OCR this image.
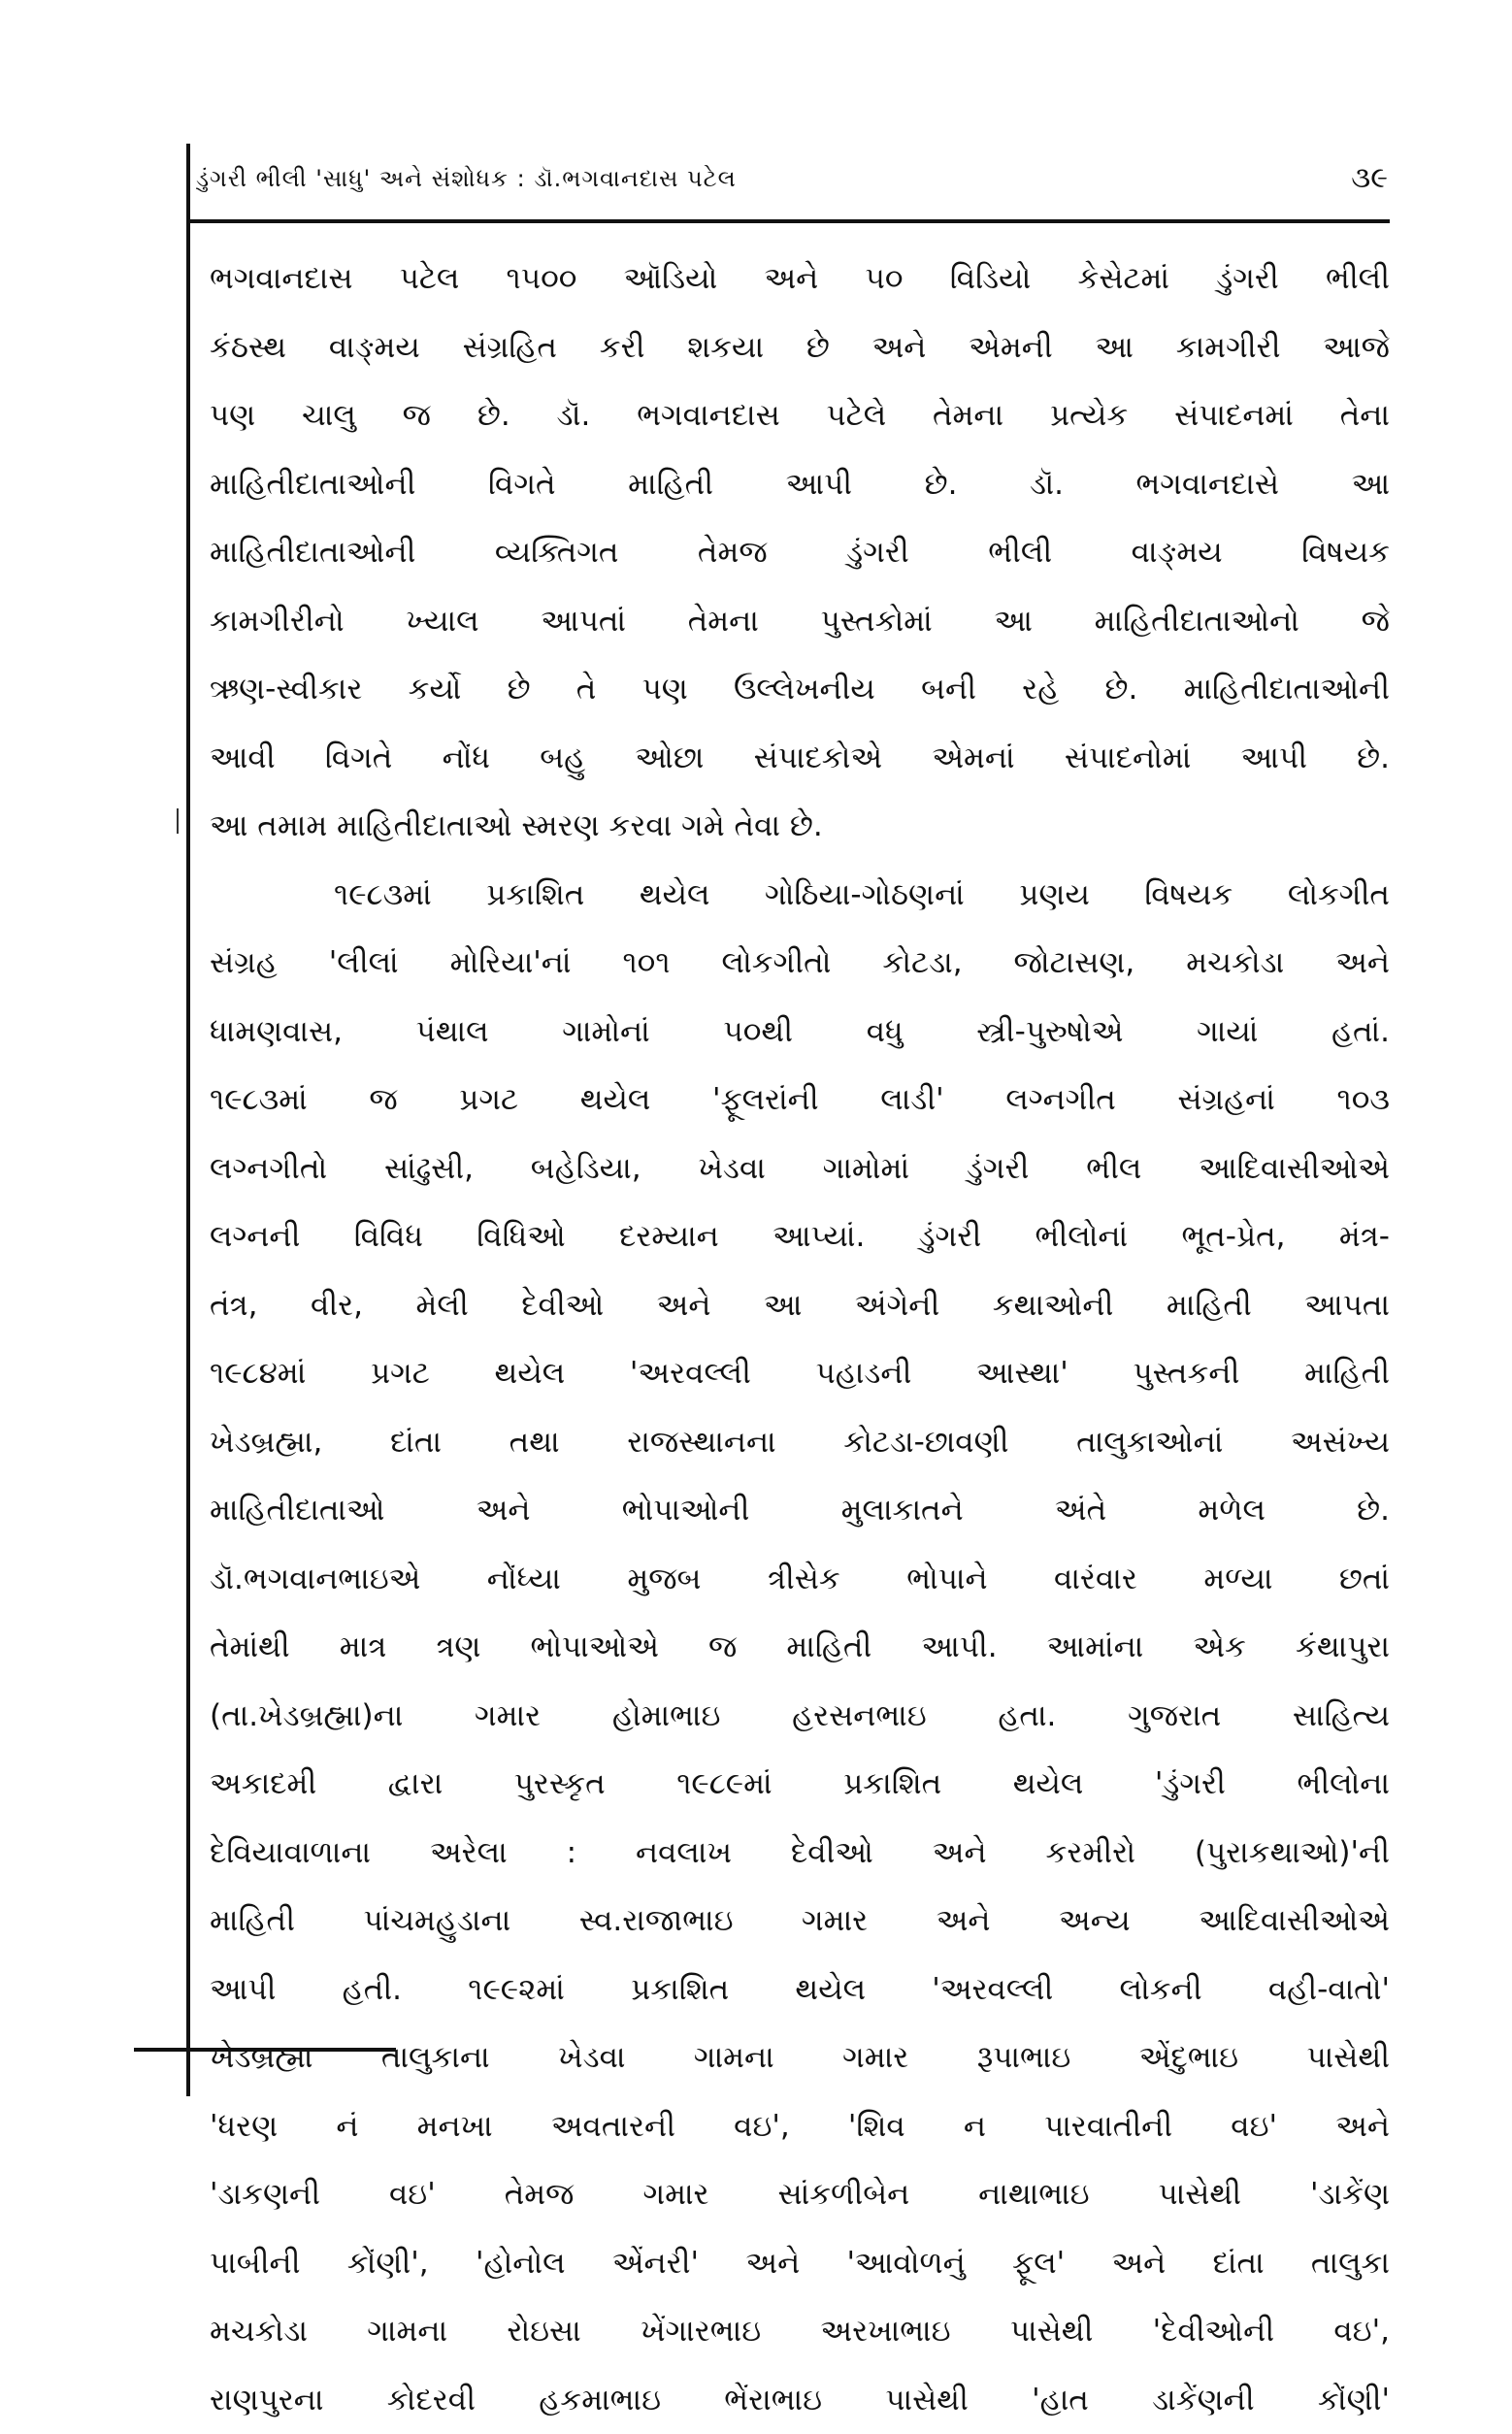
ડુંગરી ભીલી 'સાધુ' અને સંશોધક : ડૉ.ભગવાનદાસ પટેલ	૩૯
ભગવાનદાસ પટેલ ૧૫૦૦ ઑડિયો અને ૫૦ વિડિયો કેસેટમાં ડુંગરી ભીલી
કંઠસ્થ વાઙ્મય સંગ્રહિત કરી શકયા છે અને એમની આ કામગીરી આજે
પણ ચાલુ જ છે. ડૉ. ભગવાનદાસ પટેલે તેમના પ્રત્યેક સંપાદનમાં તેના
માહિતીદાતાઓની વિગતે માહિતી આપી છે. ડૉ. ભગવાનદાસે આ
માહિતીદાતાઓની વ્યક્તિગત તેમજ ડુંગરી ભીલી વાઙ્મય વિષયક
કામગીરીનો ખ્યાલ આપતાં તેમના પુસ્તકોમાં આ માહિતીદાતાઓનો જે
ઋણ-સ્વીકાર કર્યો છે તે પણ ઉલ્લેખનીય બની રહે છે. માહિતીદાતાઓની
આવી વિગતે નોંધ બહુ ઓછા સંપાદકોએ એમનાં સંપાદનોમાં આપી છે.
આ તમામ માહિતીદાતાઓ સ્મરણ કરવા ગમે તેવા છે.
૧૯૮૩માં પ્રકાશિત થયેલ ગોઠિયા-ગોઠણનાં પ્રણય વિષયક લોકગીત
સંગ્રહ 'લીલાં મોરિયા'નાં ૧૦૧ લોકગીતો કોટડા, જોટાસણ, મચકોડા અને
ધામણવાસ, પંથાલ ગામોનાં ૫૦થી વધુ સ્ત્રી-પુરુષોએ ગાયાં હતાં.
૧૯૮૩માં જ પ્રગટ થયેલ 'ફૂલરાંની લાડી' લગ્નગીત સંગ્રહનાં ૧૦૩
લગ્નગીતો સાંઢુસી, બહેડિયા, ખેડવા ગામોમાં ડુંગરી ભીલ આદિવાસીઓએ
લગ્નની વિવિધ વિધિઓ દરમ્યાન આપ્યાં. ડુંગરી ભીલોનાં ભૂત-પ્રેત, મંત્ર-
તંત્ર, વીર, મેલી દેવીઓ અને આ અંગેની કથાઓની માહિતી આપતા
૧૯૮૪માં પ્રગટ થયેલ 'અરવલ્લી પહાડની આસ્થા' પુસ્તકની માહિતી
ખેડબ્રહ્મા, દાંતા તથા રાજસ્થાનના કોટડા-છાવણી તાલુકાઓનાં અસંખ્ય
માહિતીદાતાઓ અને ભોપાઓની મુલાકાતને અંતે મળેલ છે.
ડૉ.ભગવાનભાઇએ નોંધ્યા મુજબ ત્રીસેક ભોપાને વારંવાર મળ્યા છતાં
તેમાંથી માત્ર ત્રણ ભોપાઓએ જ માહિતી આપી. આમાંના એક કંથાપુરા
(તા.ખેડબ્રહ્મા)ના ગમાર હોમાભાઇ હરસનભાઇ હતા. ગુજરાત સાહિત્ય
અકાદમી દ્વારા પુરસ્કૃત ૧૯૮૯માં પ્રકાશિત થયેલ 'ડુંગરી ભીલોના
દેવિયાવાળાના અરેલા : નવલાખ દેવીઓ અને કરમીરો (પુરાકથાઓ)'ની
માહિતી પાંચમહુડાના સ્વ.રાજાભાઇ ગમાર અને અન્ય આદિવાસીઓએ
આપી હતી. ૧૯૯૨માં પ્રકાશિત થયેલ 'અરવલ્લી લોકની વહી-વાતો'
ખેડબ્રહ્મા તાલુકાના ખેડવા ગામના ગમાર રૂપાભાઇ એંદુભાઇ પાસેથી
'ધરણ નં મનખા અવતારની વઇ', 'શિવ ન પારવાતીની વઇ' અને
'ડાકણની વઇ' તેમજ ગમાર સાંકળીબેન નાથાભાઇ પાસેથી 'ડાકેંણ
પાબીની કોંણી', 'હોનોલ એંનરી' અને 'આવોળનું ફૂલ' અને દાંતા તાલુકા
મચકોડા ગામના રોઇસા ખેંગારભાઇ અરખાભાઇ પાસેથી 'દેવીઓની વઇ',
રાણપુરના કોદરવી હકમાભાઇ ભેંરાભાઇ પાસેથી 'હાત ડાકેંણની કોંણી'
